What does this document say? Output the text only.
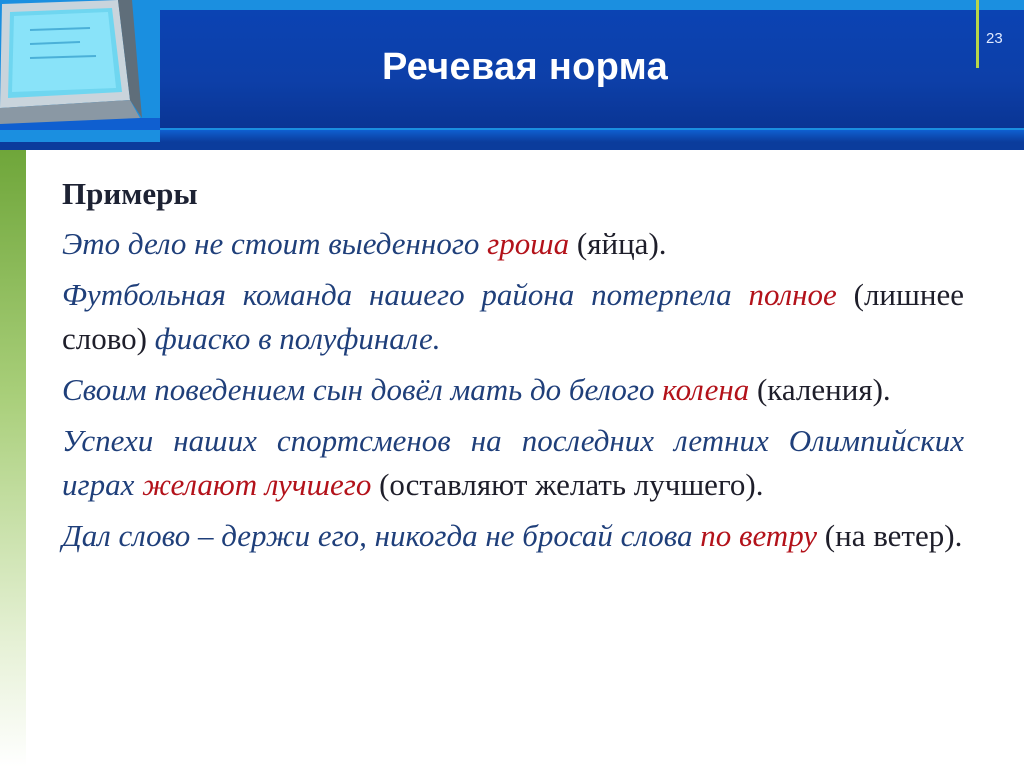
23
Речевая норма
Примеры
Это дело не стоит выеденного гроша (яйца).
Футбольная команда нашего района потерпела полное (лишнее слово) фиаско в полуфинале.
Своим поведением сын довёл мать до белого колена (каления).
Успехи наших спортсменов на последних летних Олимпийских играх желают лучшего (оставляют желать лучшего).
Дал слово – держи его, никогда не бросай слова по ветру (на ветер).
